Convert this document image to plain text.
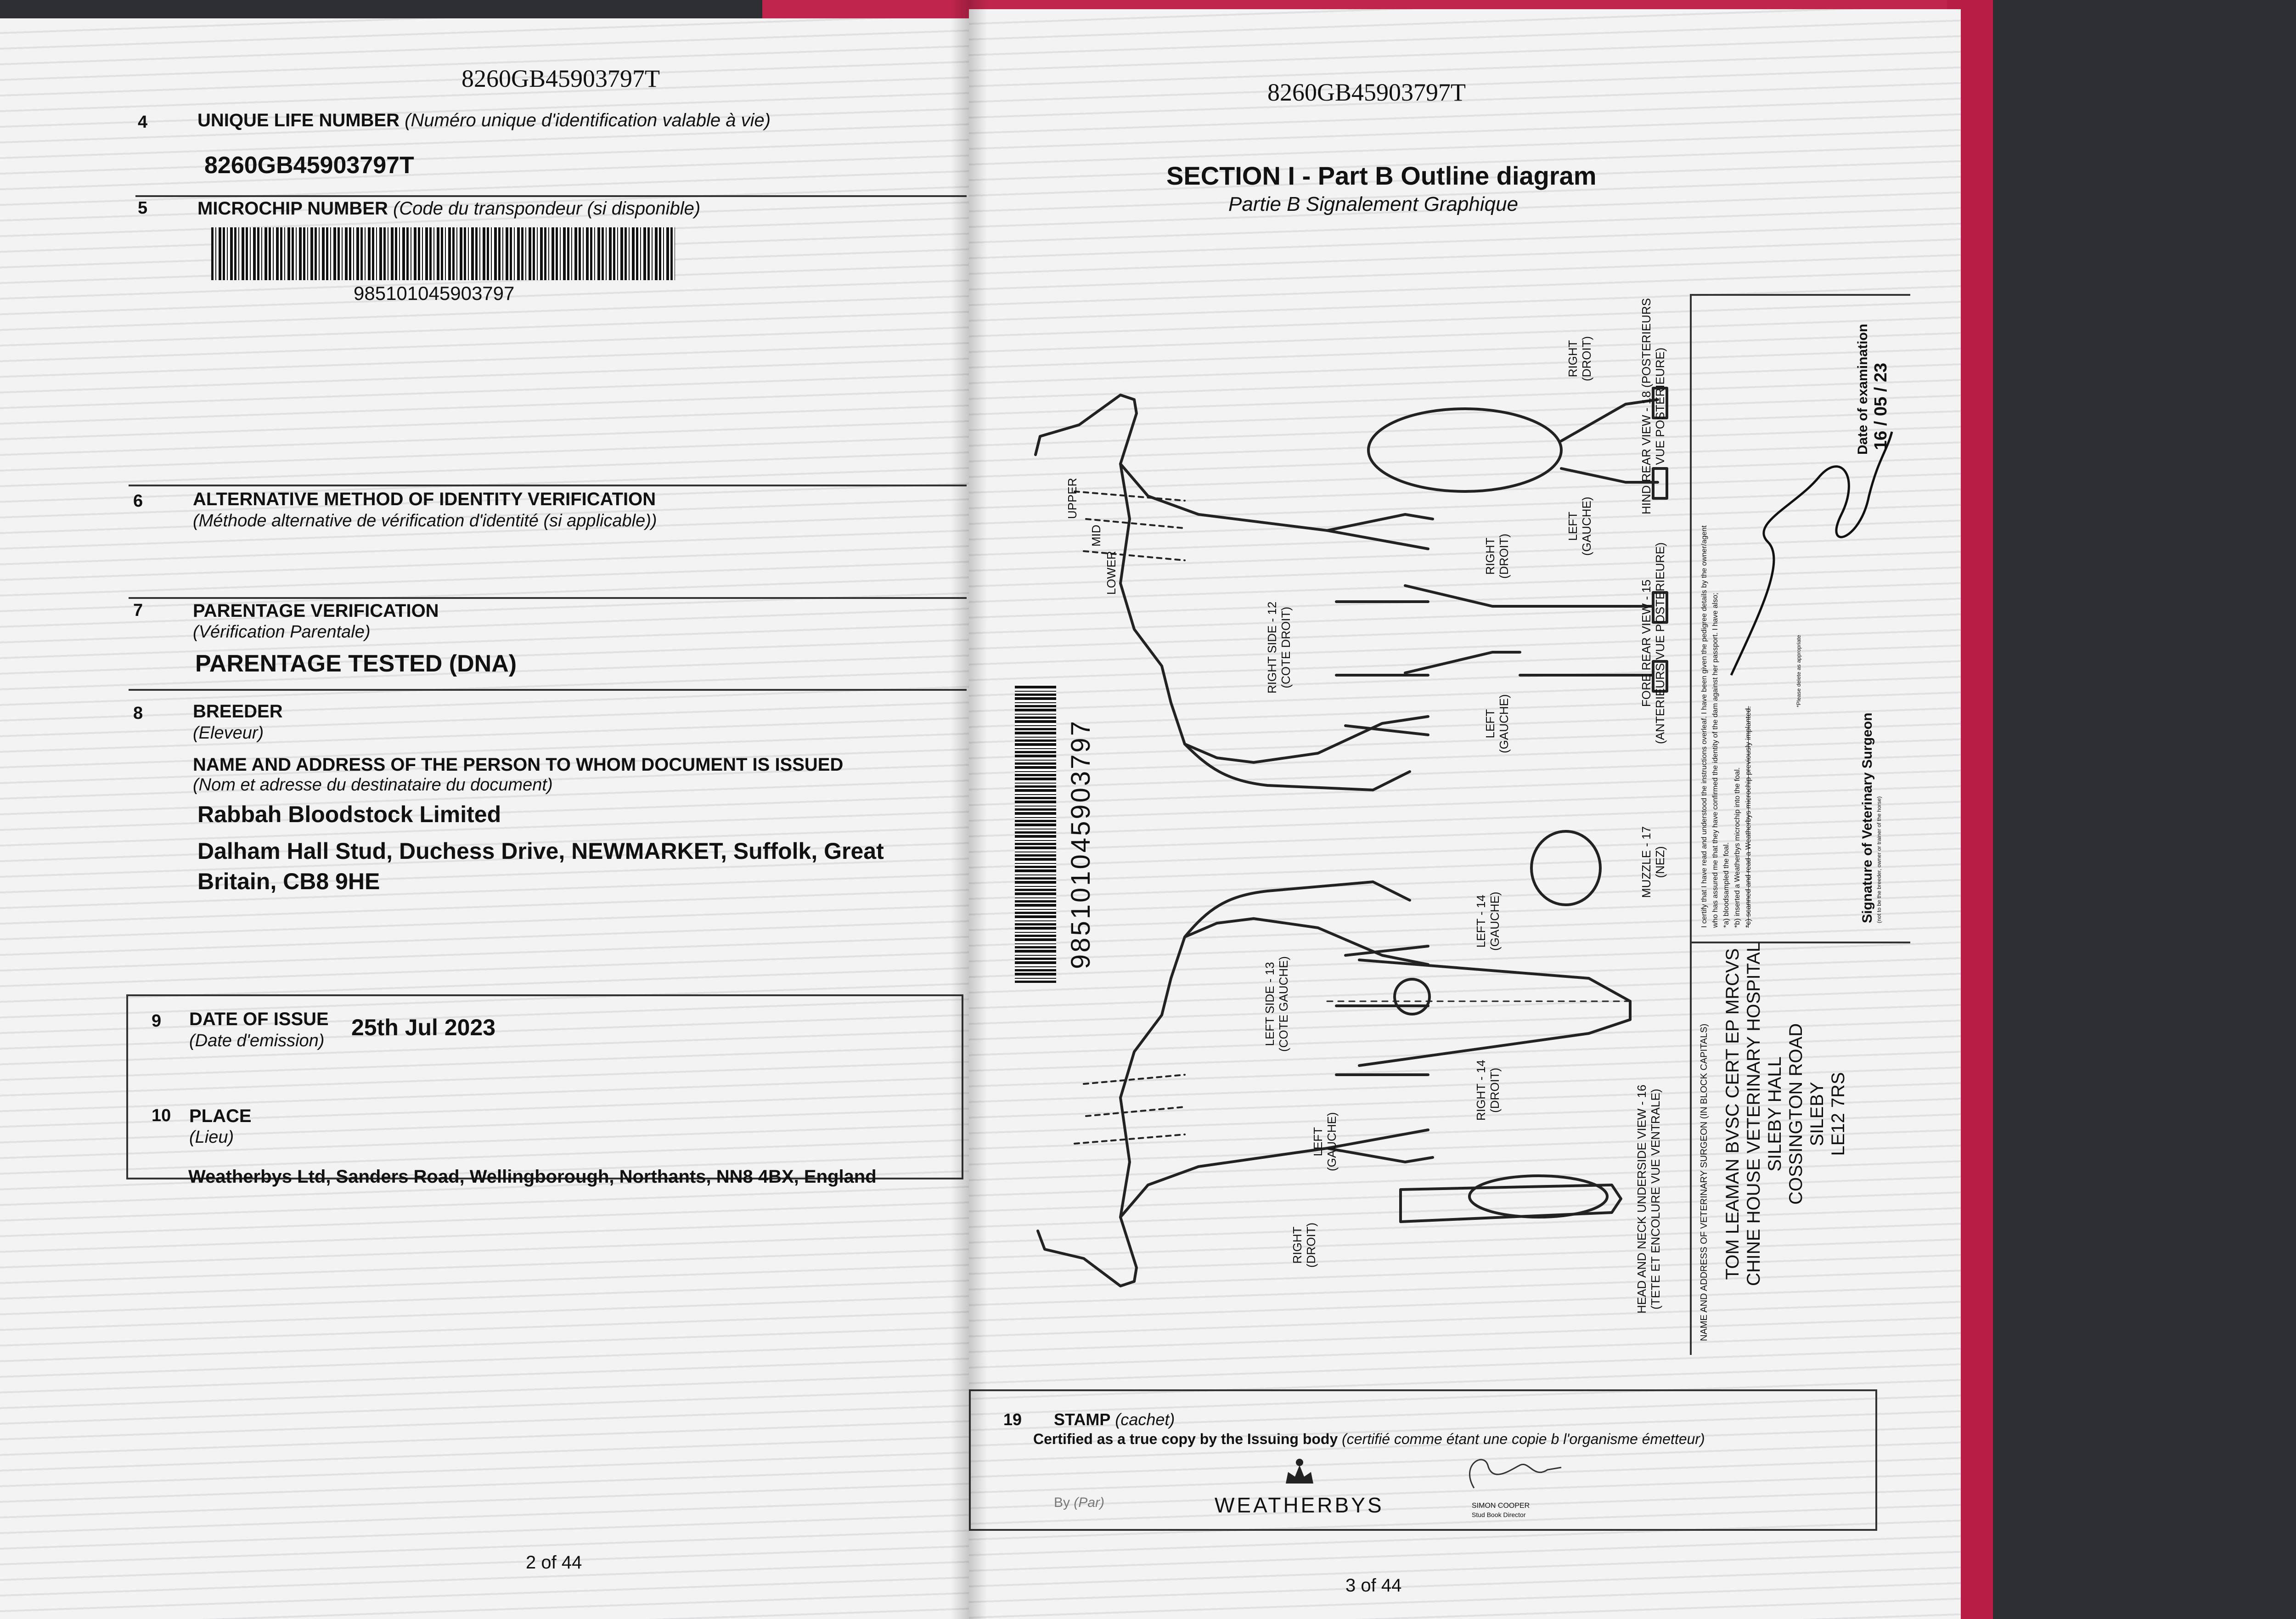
8260GB45903797T
4	UNIQUE LIFE NUMBER (Numéro unique d'identification valable à vie)
8260GB45903797T
5	MICROCHIP NUMBER (Code du transpondeur (si disponible)
985101045903797
6	ALTERNATIVE METHOD OF IDENTITY VERIFICATION
(Méthode alternative de vérification d'identité (si applicable))
7	PARENTAGE VERIFICATION
(Vérification Parentale)
PARENTAGE TESTED (DNA)
8	BREEDER
(Eleveur)
NAME AND ADDRESS OF THE PERSON TO WHOM DOCUMENT IS ISSUED
(Nom et adresse du destinataire du document)
Rabbah Bloodstock Limited
Dalham Hall Stud, Duchess Drive, NEWMARKET, Suffolk, Great
Britain, CB8 9HE
9 DATE OF ISSUE
(Date d'emission)
25th Jul 2023
10 PLACE
(Lieu)
Weatherbys Ltd, Sanders Road, Wellingborough, Northants, NN8 4BX, England
2 of 44
8260GB45903797T
SECTION I - Part B Outline diagram
Partie B Signalement Graphique
985101045903797
UPPER
MID
LOWER
RIGHT SIDE - 12 (COTE DROIT)
LEFT SIDE - 13 (COTE GAUCHE)
LEFT - 14 (GAUCHE)
RIGHT - 14 (DROIT)
LEFT (GAUCHE)
RIGHT (DROIT)
LEFT (GAUCHE)
RIGHT (DROIT)
LEFT (GAUCHE)
RIGHT (DROIT)
FORE REAR VIEW - 15 (ANTERIEURS VUE POSTERIEURE)
HIND REAR VIEW - 18 (POSTERIEURS VUE POSTERIEURE)
HEAD AND NECK UNDERSIDE VIEW - 16 (TETE ET ENCOLURE VUE VENTRALE)
MUZZLE - 17 (NEZ)	I certify that I have read and understood the instructions overleaf. I have been given the pedigree details by the owner/agent who has assured me that they have confirmed the identity of the dam against her passport. I have also; *a) bloodsampled the foal. *b) inserted a Weatherbys microchip into the foal. *c) scanned and read a Weatherbys microchip previously implanted.
*Please delete as appropriate
Date of examination 16 / 05 / 23
Signature of Veterinary Surgeon (not to be the breeder, owner or trainer of the horse)
NAME AND ADDRESS OF VETERINARY SURGEON (IN BLOCK CAPITALS) TOM LEAMAN BVSC CERT EP MRCVS CHINE HOUSE VETERINARY HOSPITAL SILEBY HALL COSSINGTON ROAD SILEBY LE12 7RS
19 STAMP (cachet)
Certified as a true copy by the Issuing body (certifié comme étant une copie b l'organisme émetteur)
By (Par)	WEATHERBYS	SIMON COOPER
Stud Book Director
3 of 44
